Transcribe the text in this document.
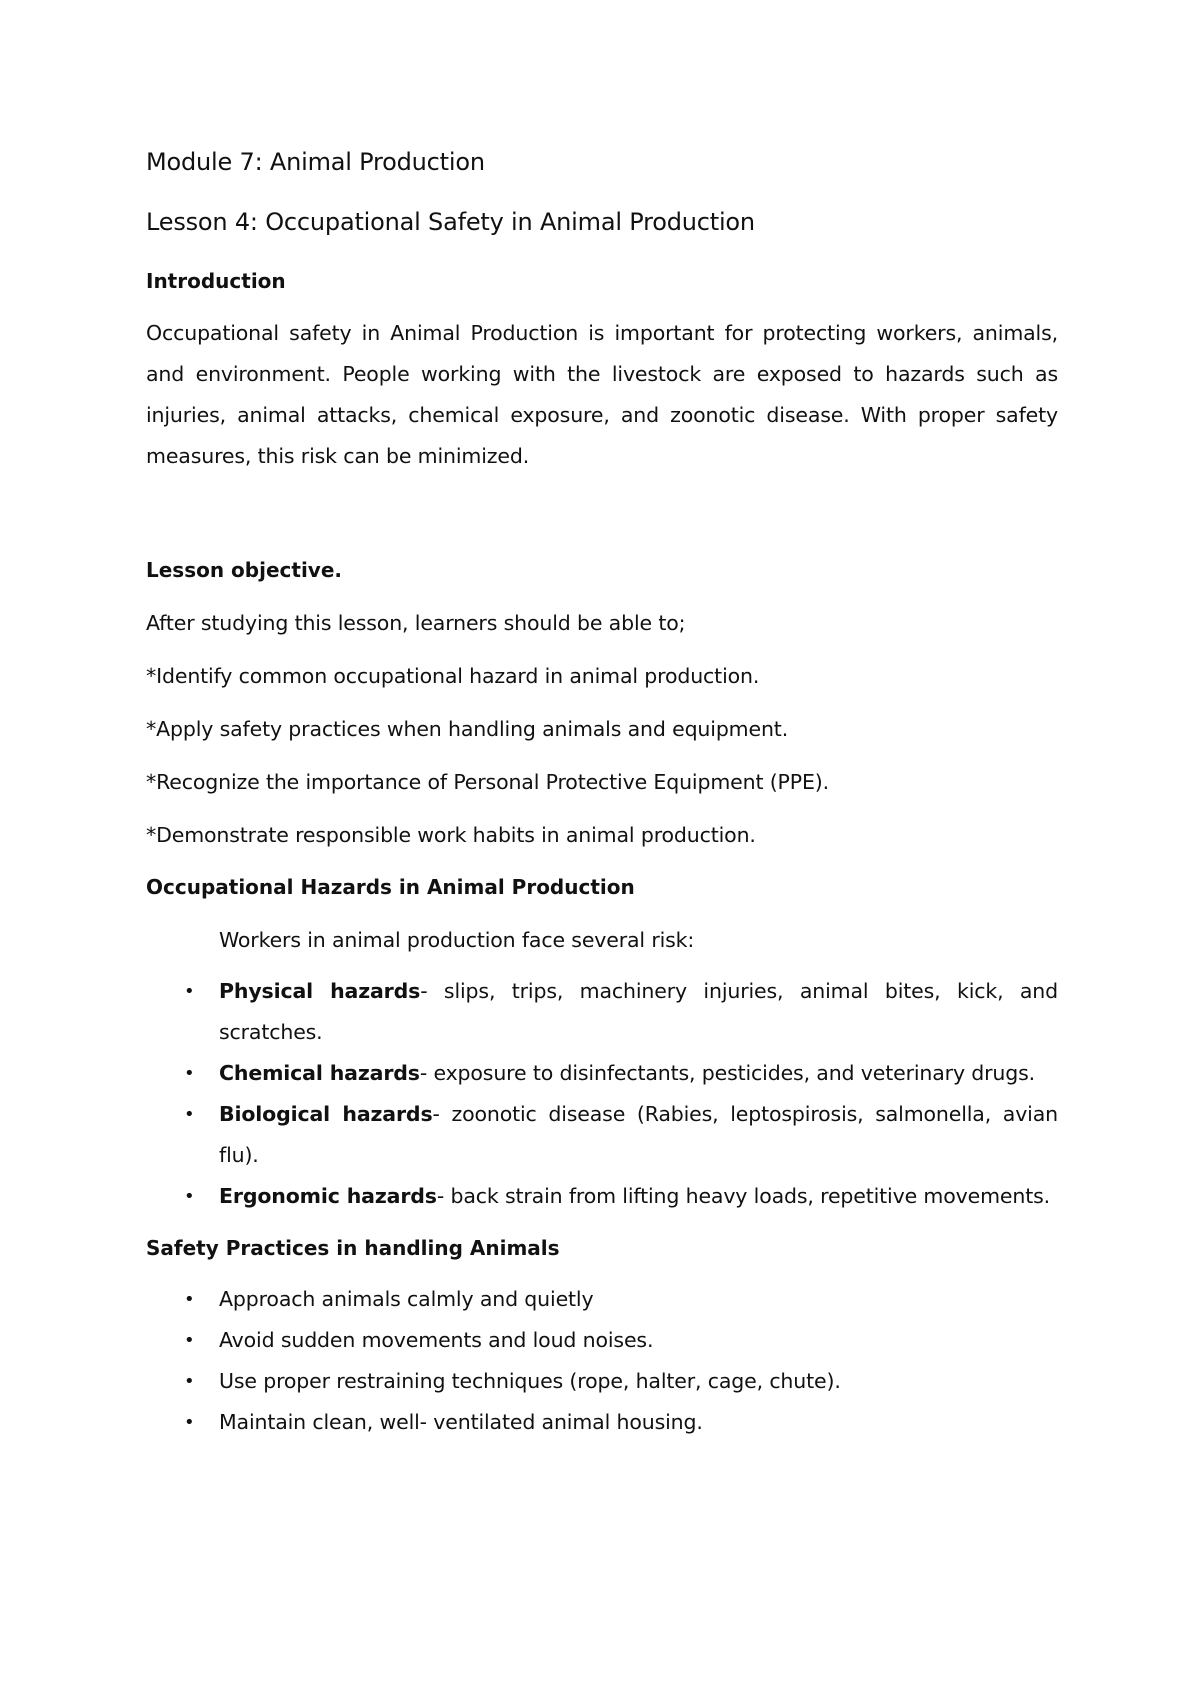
Module 7: Animal Production
Lesson 4: Occupational Safety in Animal Production
Introduction

Occupational safety in Animal Production is important for protecting workers, animals, and environment. People working with the livestock are exposed to hazards such as injuries, animal attacks, chemical exposure, and zoonotic disease. With proper safety measures, this risk can be minimized.

Lesson objective.

After studying this lesson, learners should be able to;

*Identify common occupational hazard in animal production.

*Apply safety practices when handling animals and equipment.

*Recognize the importance of Personal Protective Equipment (PPE).

*Demonstrate responsible work habits in animal production.

Occupational Hazards in Animal Production

Workers in animal production face several risk:

• Physical hazards- slips, trips, machinery injuries, animal bites, kick, and scratches.
• Chemical hazards- exposure to disinfectants, pesticides, and veterinary drugs.
• Biological hazards- zoonotic disease (Rabies, leptospirosis, salmonella, avian flu).
• Ergonomic hazards- back strain from lifting heavy loads, repetitive movements.
Safety Practices in handling Animals
• Approach animals calmly and quietly
• Avoid sudden movements and loud noises.
• Use proper restraining techniques (rope, halter, cage, chute).
• Maintain clean, well- ventilated animal housing.
